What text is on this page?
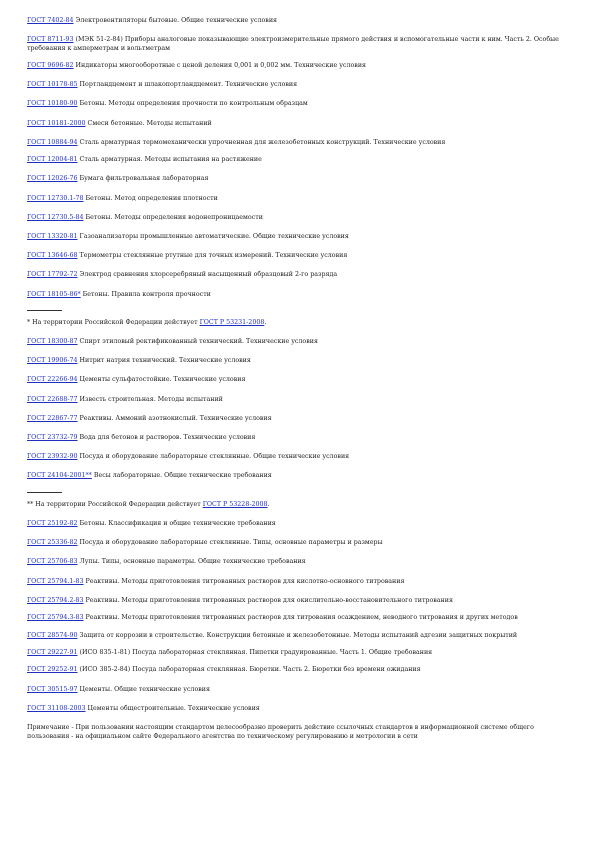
ГОСТ 7402-84 Электровентиляторы бытовые. Общие технические условия
ГОСТ 8711-93 (МЭК 51-2-84) Приборы аналоговые показывающие электроизмерительные прямого действия и вспомогательные части к ним. Часть 2. Особые требования к амперметрам и вольтметрам
ГОСТ 9696-82 Индикаторы многооборотные с ценой деления 0,001 и 0,002 мм. Технические условия
ГОСТ 10178-85 Портландцемент и шлакопортландцемент. Технические условия
ГОСТ 10180-90 Бетоны. Методы определения прочности по контрольным образцам
ГОСТ 10181-2000 Смеси бетонные. Методы испытаний
ГОСТ 10884-94 Сталь арматурная термомеханически упрочненная для железобетонных конструкций. Технические условия
ГОСТ 12004-81 Сталь арматурная. Методы испытания на растяжение
ГОСТ 12026-76 Бумага фильтровальная лабораторная
ГОСТ 12730.1-78 Бетоны. Метод определения плотности
ГОСТ 12730.5-84 Бетоны. Методы определения водонепроницаемости
ГОСТ 13320-81 Газоанализаторы промышленные автоматические. Общие технические условия
ГОСТ 13646-68 Термометры стеклянные ртутные для точных измерений. Технические условия
ГОСТ 17792-72 Электрод сравнения хлорсеребряный насыщенный образцовый 2-го разряда
ГОСТ 18105-86* Бетоны. Правила контроля прочности
* На территории Российской Федерации действует ГОСТ Р 53231-2008.
ГОСТ 18300-87 Спирт этиловый ректификованный технический. Технические условия
ГОСТ 19906-74 Нитрит натрия технический. Технические условия
ГОСТ 22266-94 Цементы сульфатостойкие. Технические условия
ГОСТ 22688-77 Известь строительная. Методы испытаний
ГОСТ 22867-77 Реактивы. Аммоний азотнокислый. Технические условия
ГОСТ 23732-79 Вода для бетонов и растворов. Технические условия
ГОСТ 23932-90 Посуда и оборудование лабораторные стеклянные. Общие технические условия
ГОСТ 24104-2001** Весы лабораторные. Общие технические требования
** На территории Российской Федерации действует ГОСТ Р 53228-2008.
ГОСТ 25192-82 Бетоны. Классификация и общие технические требования
ГОСТ 25336-82 Посуда и оборудование лабораторные стеклянные. Типы, основные параметры и размеры
ГОСТ 25706-83 Лупы. Типы, основные параметры. Общие технические требования
ГОСТ 25794.1-83 Реактивы. Методы приготовления титрованных растворов для кислотно-основного титрования
ГОСТ 25794.2-83 Реактивы. Методы приготовления титрованных растворов для окислительно-восстановительного титрования
ГОСТ 25794.3-83 Реактивы. Методы приготовления титрованных растворов для титрования осаждением, неводного титрования и других методов
ГОСТ 28574-90 Защита от коррозии в строительстве. Конструкции бетонные и железобетонные. Методы испытаний адгезии защитных покрытий
ГОСТ 29227-91 (ИСО 835-1-81) Посуда лабораторная стеклянная. Пипетки градуированные. Часть 1. Общие требования
ГОСТ 29252-91 (ИСО 385-2-84) Посуда лабораторная стеклянная. Бюретки. Часть 2. Бюретки без времени ожидания
ГОСТ 30515-97 Цементы. Общие технические условия
ГОСТ 31108-2003 Цементы общестроительные. Технические условия
Примечание - При пользовании настоящим стандартом целесообразно проверить действие ссылочных стандартов в информационной системе общего пользования - на официальном сайте Федерального агентства по техническому регулированию и метрологии в сети
